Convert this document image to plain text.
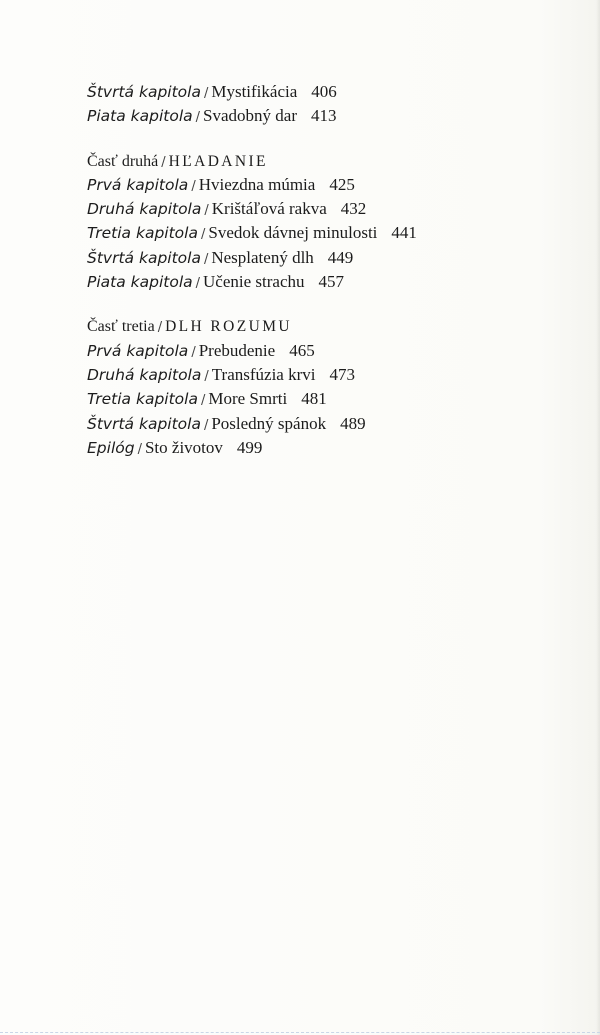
Štvrtá kapitola / Mystifikácia 406
Piata kapitola / Svadobný dar 413
Časť druhá / HĽADANIE
Prvá kapitola / Hviezdna múmia 425
Druhá kapitola / Krištáľová rakva 432
Tretia kapitola / Svedok dávnej minulosti 441
Štvrtá kapitola / Nesplatený dlh 449
Piata kapitola / Učenie strachu 457
Časť tretia / DLH ROZUMU
Prvá kapitola / Prebudenie 465
Druhá kapitola / Transfúzia krvi 473
Tretia kapitola / More Smrti 481
Štvrtá kapitola / Posledný spánok 489
Epilóg / Sto životov 499
